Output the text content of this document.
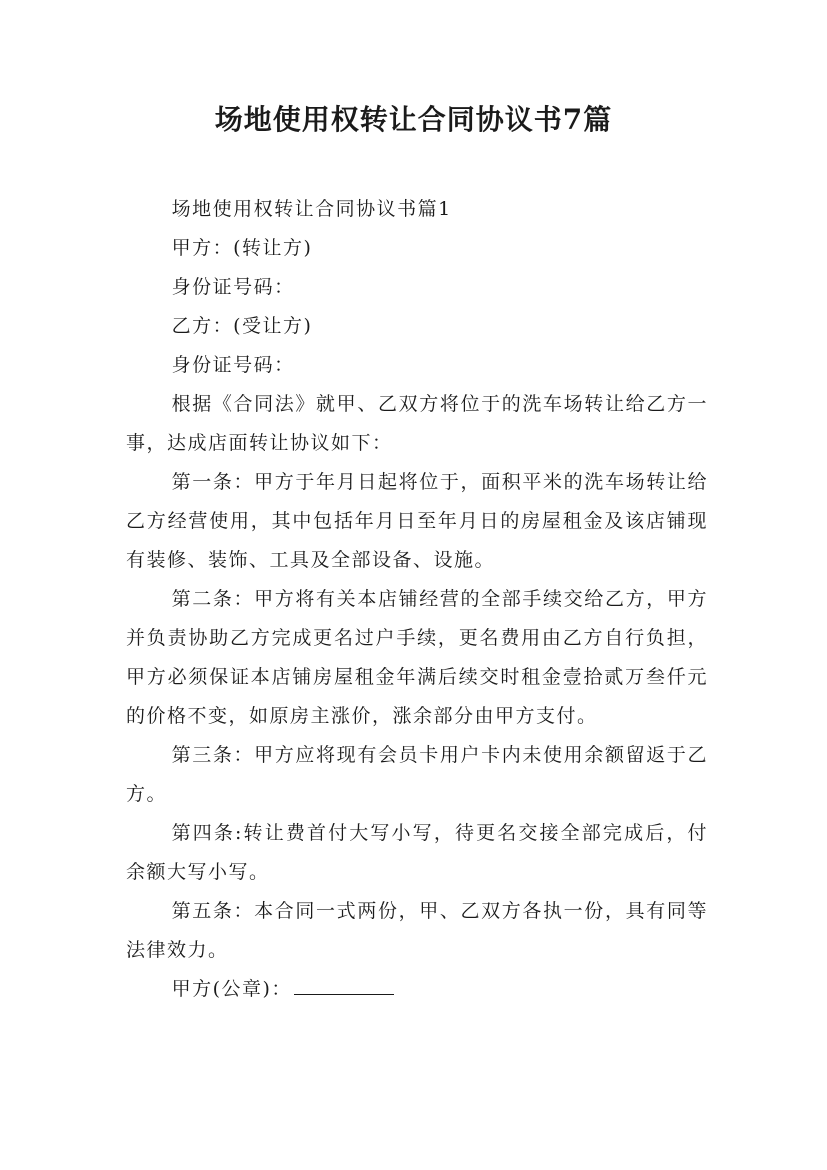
场地使用权转让合同协议书7篇

场地使用权转让合同协议书篇1

甲方：(转让方)

身份证号码：

乙方：(受让方)

身份证号码：

根据《合同法》就甲、乙双方将位于的洗车场转让给乙方一事，达成店面转让协议如下：

第一条：甲方于年月日起将位于，面积平米的洗车场转让给乙方经营使用，其中包括年月日至年月日的房屋租金及该店铺现有装修、装饰、工具及全部设备、设施。

第二条：甲方将有关本店铺经营的全部手续交给乙方，甲方并负责协助乙方完成更名过户手续，更名费用由乙方自行负担，甲方必须保证本店铺房屋租金年满后续交时租金壹拾贰万叁仟元的价格不变，如原房主涨价，涨余部分由甲方支付。

第三条：甲方应将现有会员卡用户卡内未使用余额留返于乙方。

第四条:转让费首付大写小写，待更名交接全部完成后，付余额大写小写。

第五条：本合同一式两份，甲、乙双方各执一份，具有同等法律效力。

甲方(公章)：
